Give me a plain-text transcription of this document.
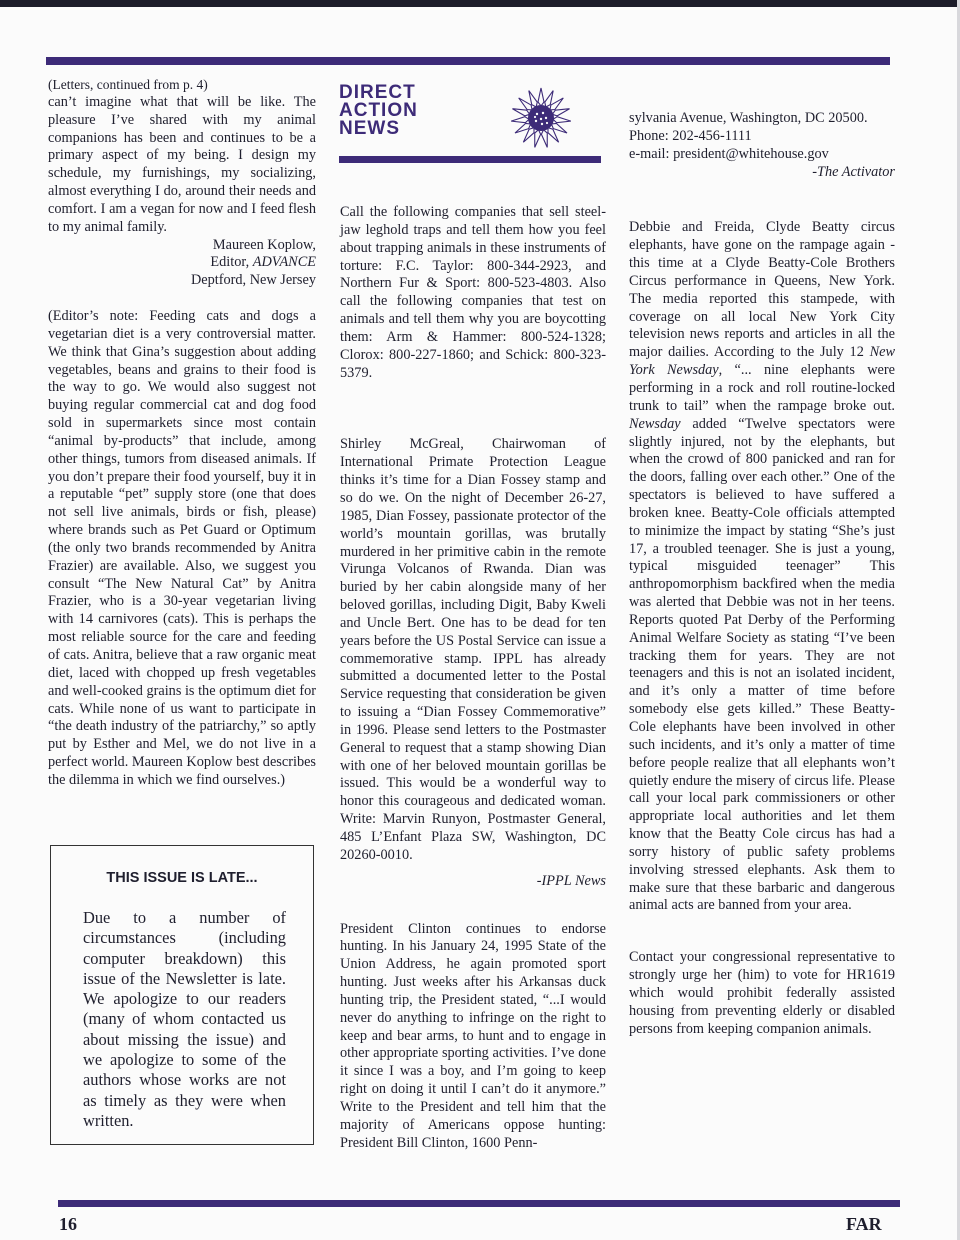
(Letters, continued from p. 4)

can’t imagine what that will be like. The pleasure I’ve shared with my animal companions has been and continues to be a primary aspect of my being. I design my schedule, my furnishings, my socializing, almost everything I do, around their needs and comfort. I am a vegan for now and I feed flesh to my animal family.

Maureen Koplow,
Editor, ADVANCE
Deptford, New Jersey

(Editor’s note: Feeding cats and dogs a vegetarian diet is a very controversial matter. We think that Gina’s suggestion about adding vegetables, beans and grains to their food is the way to go. We would also suggest not buying regular commercial cat and dog food sold in supermarkets since most contain “animal by-products” that include, among other things, tumors from diseased animals. If you don’t prepare their food yourself, buy it in a reputable “pet” supply store (one that does not sell live animals, birds or fish, please) where brands such as Pet Guard or Optimum (the only two brands recommended by Anitra Frazier) are available. Also, we suggest you consult “The New Natural Cat” by Anitra Frazier, who is a 30-year vegetarian living with 14 carnivores (cats). This is perhaps the most reliable source for the care and feeding of cats. Anitra, believe that a raw organic meat diet, laced with chopped up fresh vegetables and well-cooked grains is the optimum diet for cats. While none of us want to participate in “the death industry of the patriarchy,” so aptly put by Esther and Mel, we do not live in a perfect world. Maureen Koplow best describes the dilemma in which we find ourselves.)

THIS ISSUE IS LATE...
Due to a number of circumstances (including computer breakdown) this issue of the Newsletter is late. We apologize to our readers (many of whom contacted us about missing the issue) and we apologize to some of the authors whose works are not as timely as they were when written.
DIRECT
ACTION
NEWS

Call the following companies that sell steel-jaw leghold traps and tell them how you feel about trapping animals in these instruments of torture: F.C. Taylor: 800-344-2923, and Northern Fur & Sport: 800-523-4803. Also call the following companies that test on animals and tell them why you are boycotting them: Arm & Hammer: 800-524-1328; Clorox: 800-227-1860; and Schick: 800-323-5379.

Shirley McGreal, Chairwoman of International Primate Protection League thinks it’s time for a Dian Fossey stamp and so do we. On the night of December 26-27, 1985, Dian Fossey, passionate protector of the world’s mountain gorillas, was brutally murdered in her primitive cabin in the remote Virunga Volcanos of Rwanda. Dian was buried by her cabin alongside many of her beloved gorillas, including Digit, Baby Kweli and Uncle Bert. One has to be dead for ten years before the US Postal Service can issue a commemorative stamp. IPPL has already submitted a documented letter to the Postal Service requesting that consideration be given to issuing a “Dian Fossey Commemorative” in 1996. Please send letters to the Postmaster General to request that a stamp showing Dian with one of her beloved mountain gorillas be issued. This would be a wonderful way to honor this courageous and dedicated woman. Write: Marvin Runyon, Postmaster General, 485 L’Enfant Plaza SW, Washington, DC 20260-0010.

-IPPL News

President Clinton continues to endorse hunting. In his January 24, 1995 State of the Union Address, he again promoted sport hunting. Just weeks after his Arkansas duck hunting trip, the President stated, “...I would never do anything to infringe on the right to keep and bear arms, to hunt and to engage in other appropriate sporting activities. I’ve done it since I was a boy, and I’m going to keep right on doing it until I can’t do it anymore.” Write to the President and tell him that the majority of Americans oppose hunting: President Bill Clinton, 1600 Penn-

sylvania Avenue, Washington, DC 20500.

Phone: 202-456-1111

e-mail: president@whitehouse.gov

-The Activator

Debbie and Freida, Clyde Beatty circus elephants, have gone on the rampage again - this time at a Clyde Beatty-Cole Brothers Circus performance in Queens, New York. The media reported this stampede, with coverage on all local New York City television news reports and articles in all the major dailies. According to the July 12 New York Newsday, “... nine elephants were performing in a rock and roll routine-locked trunk to tail” when the rampage broke out. Newsday added “Twelve spectators were slightly injured, not by the elephants, but when the crowd of 800 panicked and ran for the doors, falling over each other.” One of the spectators is believed to have suffered a broken knee. Beatty-Cole officials attempted to minimize the impact by stating “She’s just 17, a troubled teenager. She is just a young, typical misguided teenager” This anthropomorphism backfired when the media was alerted that Debbie was not in her teens. Reports quoted Pat Derby of the Performing Animal Welfare Society as stating “I’ve been tracking them for years. They are not teenagers and this is not an isolated incident, and it’s only a matter of time before somebody else gets killed.” These Beatty-Cole elephants have been involved in other such incidents, and it’s only a matter of time before people realize that all elephants won’t quietly endure the misery of circus life. Please call your local park commissioners or other appropriate local authorities and let them know that the Beatty Cole circus has had a sorry history of public safety problems involving stressed elephants. Ask them to make sure that these barbaric and dangerous animal acts are banned from your area.

Contact your congressional representative to strongly urge her (him) to vote for HR1619 which would prohibit federally assisted housing from preventing elderly or disabled persons from keeping companion animals.

16	FAR
